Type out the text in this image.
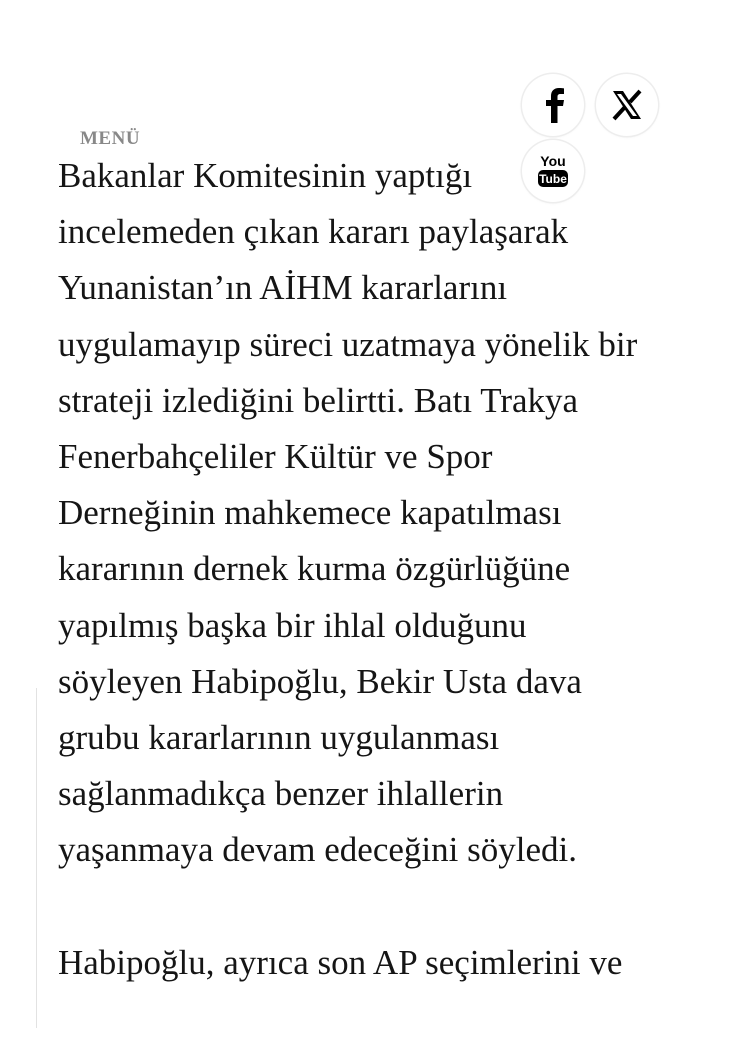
MENÜ
You
Tube
Bakanlar Komitesinin yaptığı
incelemeden çıkan kararı paylaşarak
Yunanistan’ın AİHM kararlarını
uygulamayıp süreci uzatmaya yönelik bir
strateji izlediğini belirtti. Batı Trakya
Fenerbahçeliler Kültür ve Spor
Derneğinin mahkemece kapatılması
kararının dernek kurma özgürlüğüne
yapılmış başka bir ihlal olduğunu
söyleyen Habipoğlu, Bekir Usta dava
grubu kararlarının uygulanması
sağlanmadıkça benzer ihlallerin
yaşanmaya devam edeceğini söyledi.
Habipoğlu, ayrıca son AP seçimlerini ve
